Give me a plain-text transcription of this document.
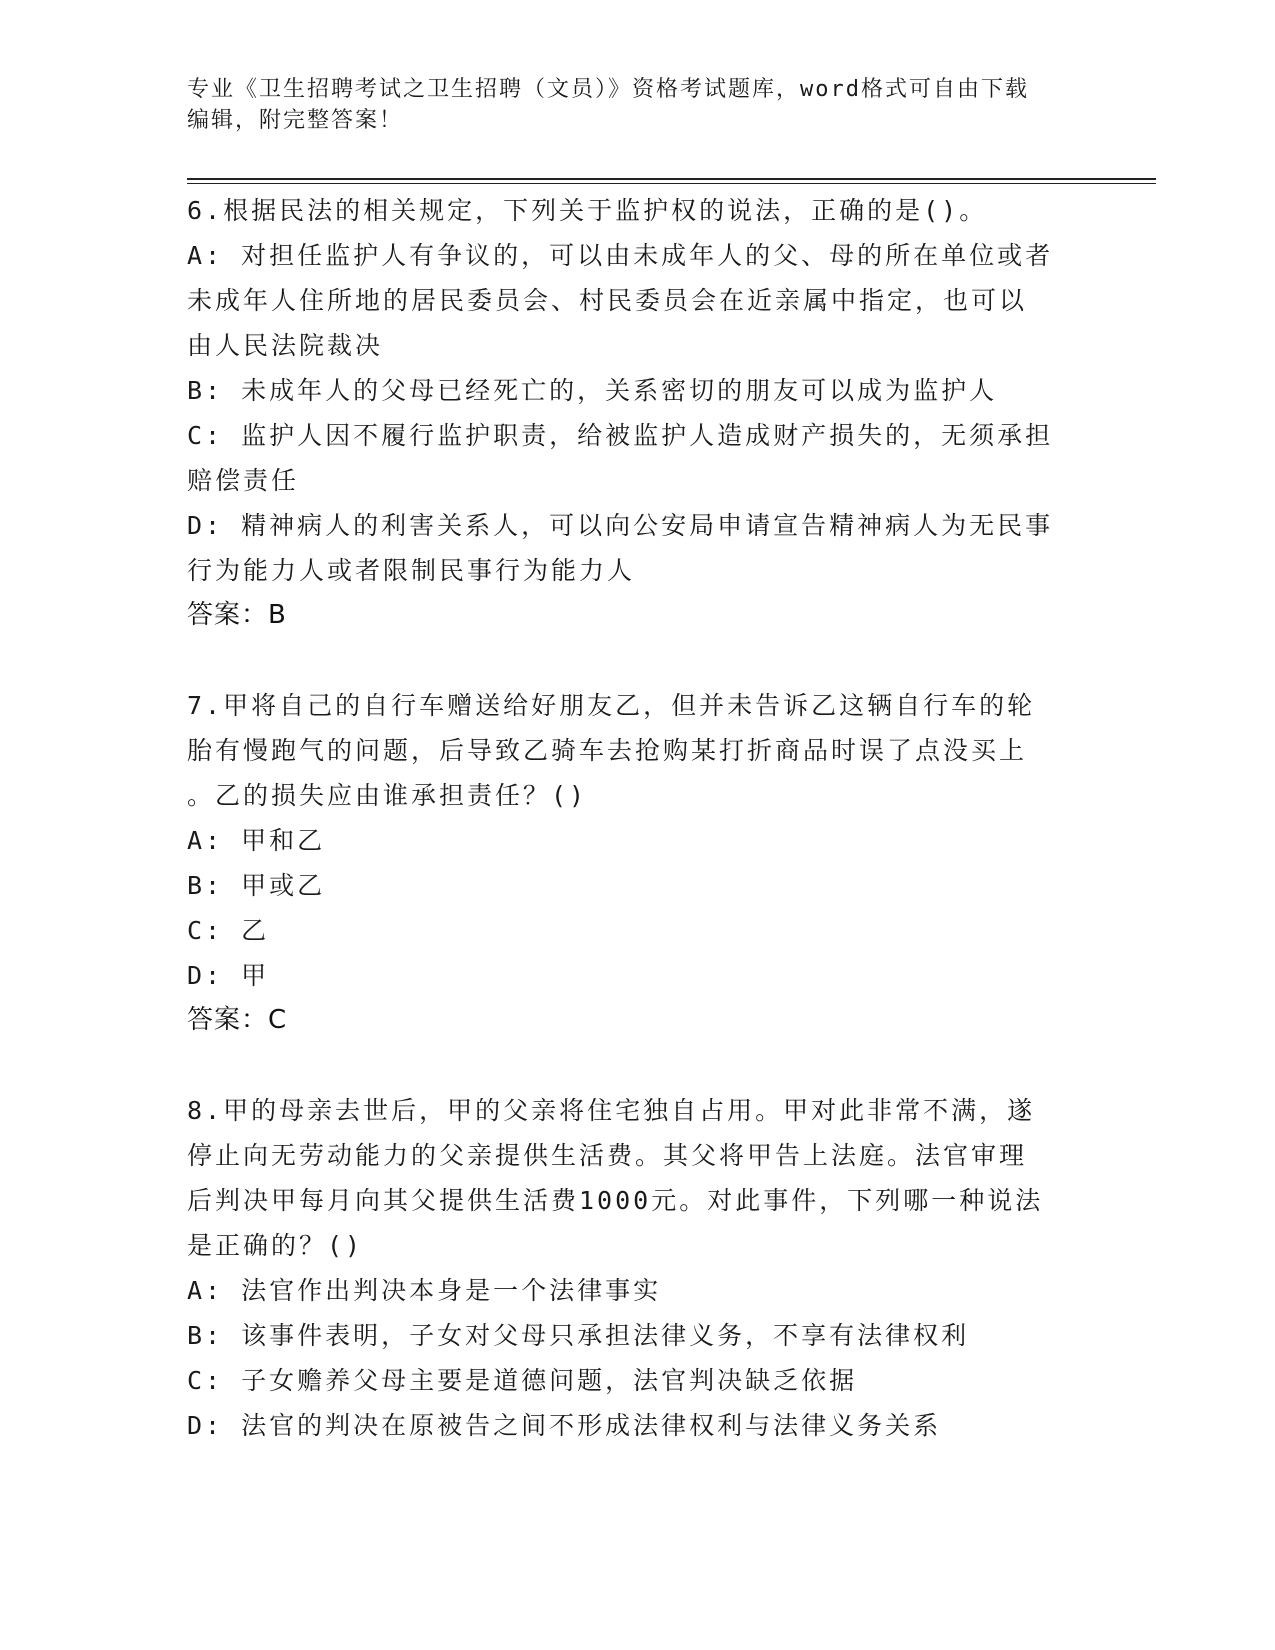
专业《卫生招聘考试之卫生招聘（文员）》资格考试题库，word格式可自由下载
编辑，附完整答案！
6.根据民法的相关规定，下列关于监护权的说法，正确的是()。
A: 对担任监护人有争议的，可以由未成年人的父、母的所在单位或者
未成年人住所地的居民委员会、村民委员会在近亲属中指定，也可以
由人民法院裁决
B: 未成年人的父母已经死亡的，关系密切的朋友可以成为监护人
C: 监护人因不履行监护职责，给被监护人造成财产损失的，无须承担
赔偿责任
D: 精神病人的利害关系人，可以向公安局申请宣告精神病人为无民事
行为能力人或者限制民事行为能力人
答案：B
7.甲将自己的自行车赠送给好朋友乙，但并未告诉乙这辆自行车的轮
胎有慢跑气的问题，后导致乙骑车去抢购某打折商品时误了点没买上
。乙的损失应由谁承担责任？()
A: 甲和乙
B: 甲或乙
C: 乙
D: 甲
答案：C
8.甲的母亲去世后，甲的父亲将住宅独自占用。甲对此非常不满，遂
停止向无劳动能力的父亲提供生活费。其父将甲告上法庭。法官审理
后判决甲每月向其父提供生活费1000元。对此事件，下列哪一种说法
是正确的？()
A: 法官作出判决本身是一个法律事实
B: 该事件表明，子女对父母只承担法律义务，不享有法律权利
C: 子女赡养父母主要是道德问题，法官判决缺乏依据
D: 法官的判决在原被告之间不形成法律权利与法律义务关系
